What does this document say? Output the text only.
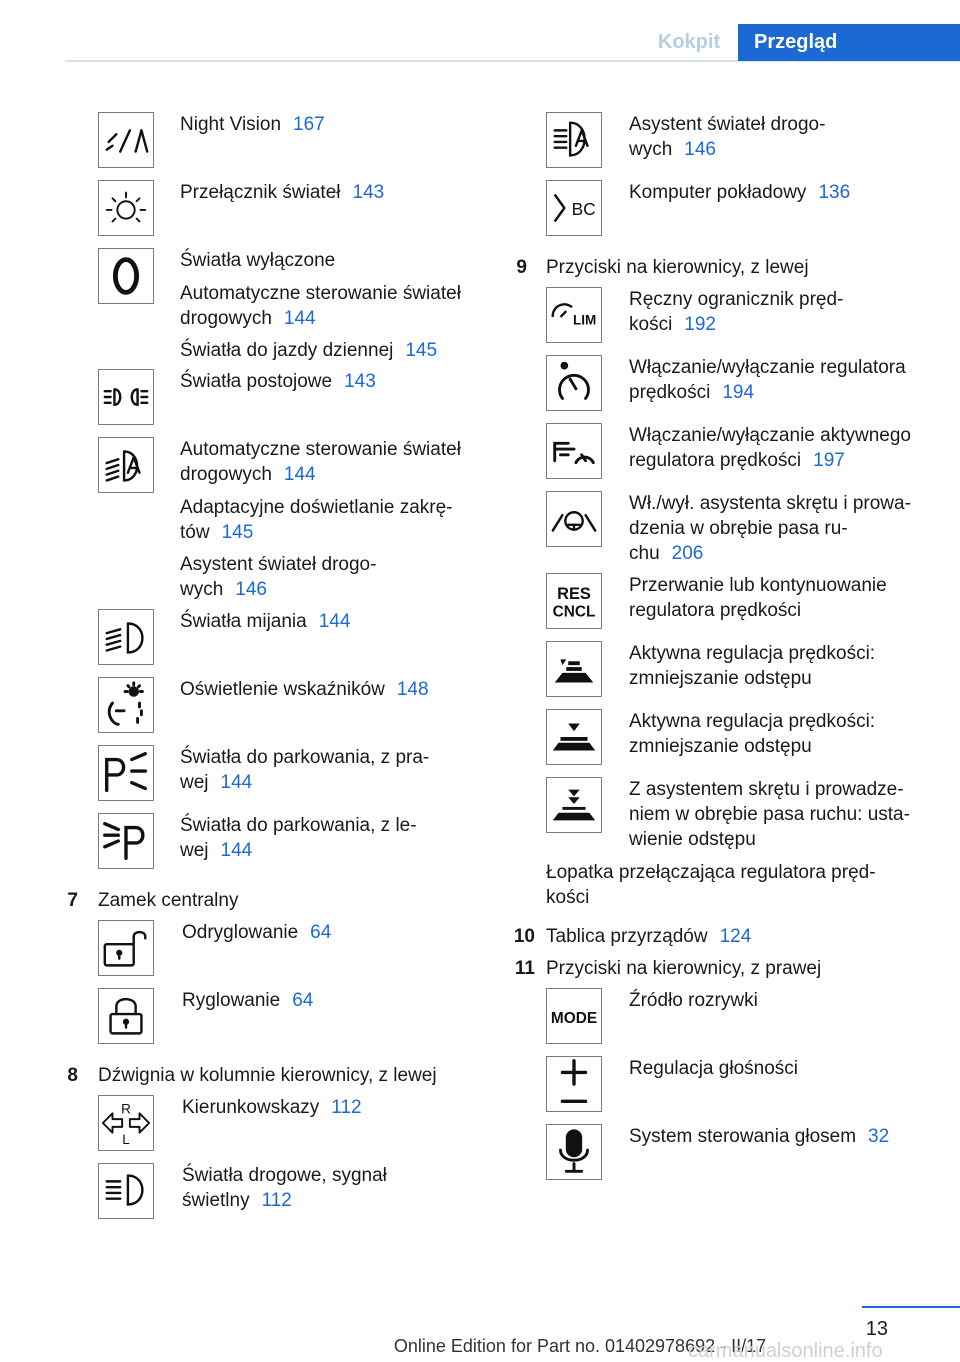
Kokpit	Przegląd
Night Vision 167
Przełącznik świateł 143
Światła wyłączone
Automatyczne sterowanie świateł
drogowych 144
Światła do jazdy dziennej 145
Światła postojowe 143
Automatyczne sterowanie świateł
drogowych 144
Adaptacyjne doświetlanie zakrę-
tów 145
Asystent świateł drogo-
wych 146
Światła mijania 144
Oświetlenie wskaźników 148
Światła do parkowania, z pra-
wej 144
Światła do parkowania, z le-
wej 144
7 Zamek centralny
Odryglowanie 64
Ryglowanie 64
8 Dźwignia w kolumnie kierownicy, z lewej
R
L
Kierunkowskazy 112
Światła drogowe, sygnał
świetlny 112
Asystent świateł drogo-
wych 146
BC
Komputer pokładowy 136
9 Przyciski na kierownicy, z lewej
LIM
Ręczny ogranicznik pręd-
kości 192
Włączanie/wyłączanie regulatora
prędkości 194
Włączanie/wyłączanie aktywnego
regulatora prędkości 197
Wł./wył. asystenta skrętu i prowa-
dzenia w obrębie pasa ru-
chu 206
RES
CNCL
Przerwanie lub kontynuowanie
regulatora prędkości
Aktywna regulacja prędkości:
zmniejszanie odstępu
Aktywna regulacja prędkości:
zmniejszanie odstępu
Z asystentem skrętu i prowadze-
niem w obrębie pasa ruchu: usta-
wienie odstępu
Łopatka przełączająca regulatora pręd-
kości
10 Tablica przyrządów 124
11 Przyciski na kierownicy, z prawej
MODE
Źródło rozrywki
Regulacja głośności
System sterowania głosem 32
13
Online Edition for Part no. 01402978692 - II/17
carmanualsonline.info
